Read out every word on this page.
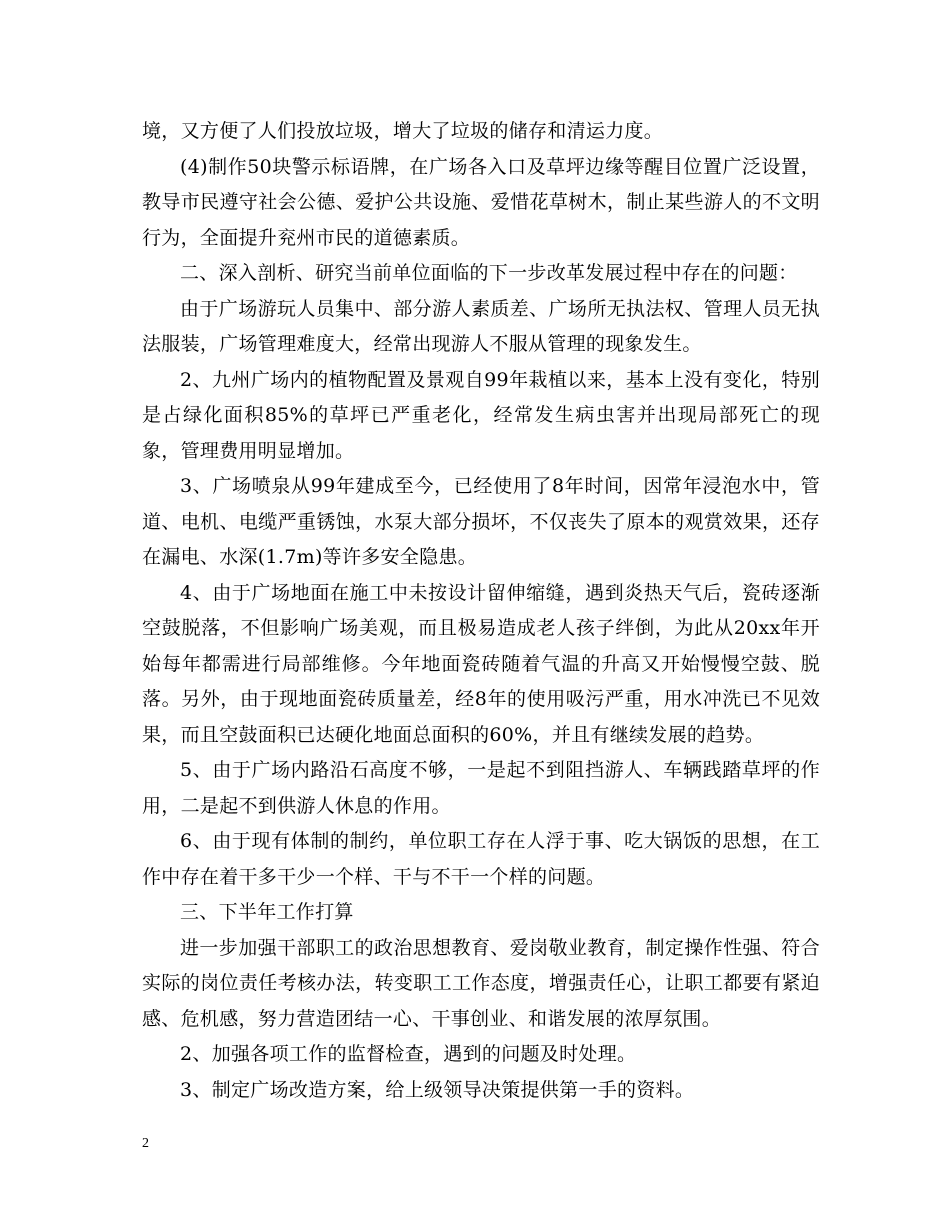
境，又方便了人们投放垃圾，增大了垃圾的储存和清运力度。

(4)制作50块警示标语牌，在广场各入口及草坪边缘等醒目位置广泛设置，教导市民遵守社会公德、爱护公共设施、爱惜花草树木，制止某些游人的不文明行为，全面提升兖州市民的道德素质。

二、深入剖析、研究当前单位面临的下一步改革发展过程中存在的问题：

由于广场游玩人员集中、部分游人素质差、广场所无执法权、管理人员无执法服装，广场管理难度大，经常出现游人不服从管理的现象发生。

2、九州广场内的植物配置及景观自99年栽植以来，基本上没有变化，特别是占绿化面积85%的草坪已严重老化，经常发生病虫害并出现局部死亡的现象，管理费用明显增加。

3、广场喷泉从99年建成至今，已经使用了8年时间，因常年浸泡水中，管道、电机、电缆严重锈蚀，水泵大部分损坏，不仅丧失了原本的观赏效果，还存在漏电、水深(1.7m)等许多安全隐患。

4、由于广场地面在施工中未按设计留伸缩缝，遇到炎热天气后，瓷砖逐渐空鼓脱落，不但影响广场美观，而且极易造成老人孩子绊倒，为此从20xx年开始每年都需进行局部维修。今年地面瓷砖随着气温的升高又开始慢慢空鼓、脱落。另外，由于现地面瓷砖质量差，经8年的使用吸污严重，用水冲洗已不见效果，而且空鼓面积已达硬化地面总面积的60%，并且有继续发展的趋势。

5、由于广场内路沿石高度不够，一是起不到阻挡游人、车辆践踏草坪的作用，二是起不到供游人休息的作用。

6、由于现有体制的制约，单位职工存在人浮于事、吃大锅饭的思想，在工作中存在着干多干少一个样、干与不干一个样的问题。

三、下半年工作打算

进一步加强干部职工的政治思想教育、爱岗敬业教育，制定操作性强、符合实际的岗位责任考核办法，转变职工工作态度，增强责任心，让职工都要有紧迫感、危机感，努力营造团结一心、干事创业、和谐发展的浓厚氛围。

2、加强各项工作的监督检查，遇到的问题及时处理。

3、制定广场改造方案，给上级领导决策提供第一手的资料。

2
